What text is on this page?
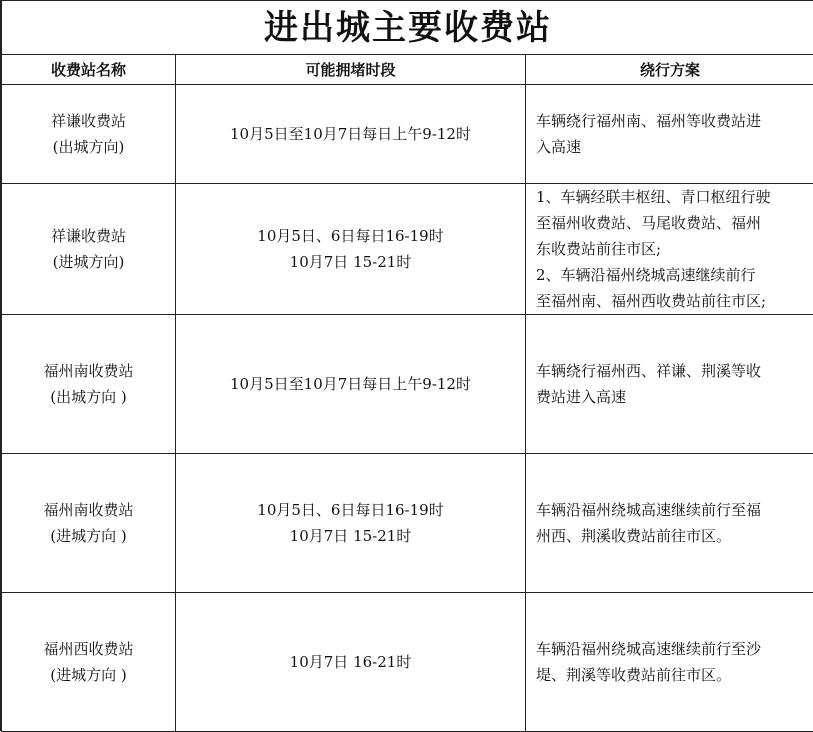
进出城主要收费站		
收费站名称	可能拥堵时段	绕行方案

祥谦收费站
(出城方向)	10月5日至10月7日每日上午9-12时	车辆绕行福州南、福州等收费站进
入高速

祥谦收费站
(进城方向)	10月5日、6日每日16-19时
10月7日 15-21时	1、车辆经联丰枢纽、青口枢纽行驶
至福州收费站、马尾收费站、福州
东收费站前往市区;
2、车辆沿福州绕城高速继续前行
至福州南、福州西收费站前往市区;

福州南收费站
(出城方向 )	10月5日至10月7日每日上午9-12时	车辆绕行福州西、祥谦、荆溪等收
费站进入高速

福州南收费站
(进城方向 )	10月5日、6日每日16-19时
10月7日 15-21时	车辆沿福州绕城高速继续前行至福
州西、荆溪收费站前往市区。

福州西收费站
(进城方向 )	10月7日 16-21时	车辆沿福州绕城高速继续前行至沙
堤、荆溪等收费站前往市区。
